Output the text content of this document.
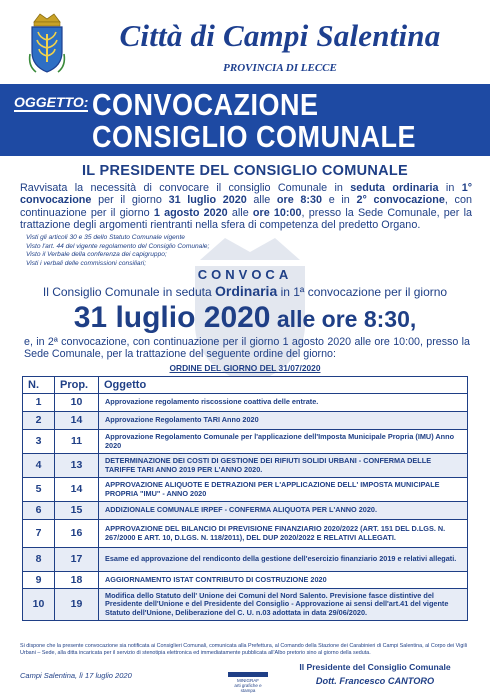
Città di Campi Salentina
PROVINCIA DI LECCE
OGGETTO: CONVOCAZIONE
CONSIGLIO COMUNALE
IL PRESIDENTE DEL CONSIGLIO COMUNALE
Ravvisata la necessità di convocare il consiglio Comunale in seduta ordinaria in 1° convocazione per il giorno 31 luglio 2020 alle ore 8:30 e in 2° convocazione, con continuazione per il giorno 1 agosto 2020 alle ore 10:00, presso la Sede Comunale, per la trattazione degli argomenti rientranti nella sfera di competenza del predetto Organo.
Visti gli articoli 30 e 35 dello Statuto Comunale vigente
Visto l'art. 44 del vigente regolamento del Consiglio Comunale;
Visto il Verbale della conferenza dei capigruppo;
Visti i verbali delle commissioni consiliari;
CONVOCA
Il Consiglio Comunale in seduta Ordinaria in 1ª convocazione per il giorno
31 luglio 2020 alle ore 8:30,
e, in 2ª convocazione, con continuazione per il giorno 1 agosto 2020 alle ore 10:00, presso la Sede Comunale, per la trattazione del seguente ordine del giorno:
ORDINE DEL GIORNO DEL 31/07/2020
N.	Prop.	Oggetto
1	10	Approvazione regolamento riscossione coattiva delle entrate.
2	14	Approvazione Regolamento TARI Anno 2020
3	11	Approvazione Regolamento Comunale per l'applicazione dell'Imposta Municipale Propria (IMU) Anno 2020
4	13	DETERMINAZIONE DEI COSTI DI GESTIONE DEI RIFIUTI SOLIDI URBANI - CONFERMA DELLE TARIFFE TARI ANNO 2019 PER L'ANNO 2020.
5	14	APPROVAZIONE ALIQUOTE E DETRAZIONI PER L'APPLICAZIONE DELL' IMPOSTA MUNICIPALE PROPRIA "IMU" - ANNO 2020
6	15	ADDIZIONALE COMUNALE IRPEF - CONFERMA ALIQUOTA PER L'ANNO 2020.
7	16	APPROVAZIONE DEL BILANCIO DI PREVISIONE FINANZIARIO 2020/2022 (ART. 151 DEL D.LGS. N. 267/2000 E ART. 10, D.LGS. N. 118/2011), DEL DUP 2020/2022 E RELATIVI ALLEGATI.
8	17	Esame ed approvazione del rendiconto della gestione dell'esercizio finanziario 2019 e relativi allegati.
9	18	AGGIORNAMENTO ISTAT CONTRIBUTO DI COSTRUZIONE 2020
10	19	Modifica dello Statuto dell' Unione dei Comuni del Nord Salento. Previsione fasce distintive del Presidente dell'Unione e del Presidente del Consiglio - Approvazione ai sensi dell'art.41 del vigente Statuto dell'Unione, Deliberazione del C. U. n.03 adottata in data 29/06/2020.
Si dispone che la presente convocazione sia notificata ai Consiglieri Comunali, comunicata alla Prefettura, al Comando della Stazione dei Carabinieri di Campi Salentina, al Corpo dei Vigili Urbani – Sede, alla ditta incaricata per il servizio di stenotipia elettronica ed immediatamente pubblicata all'Albo pretorio sino al giorno della seduta.
Campi Salentina, lì 17 luglio 2020
MINIGRAF
arti grafiche e stampa
Il Presidente del Consiglio Comunale
Dott. Francesco CANTORO
